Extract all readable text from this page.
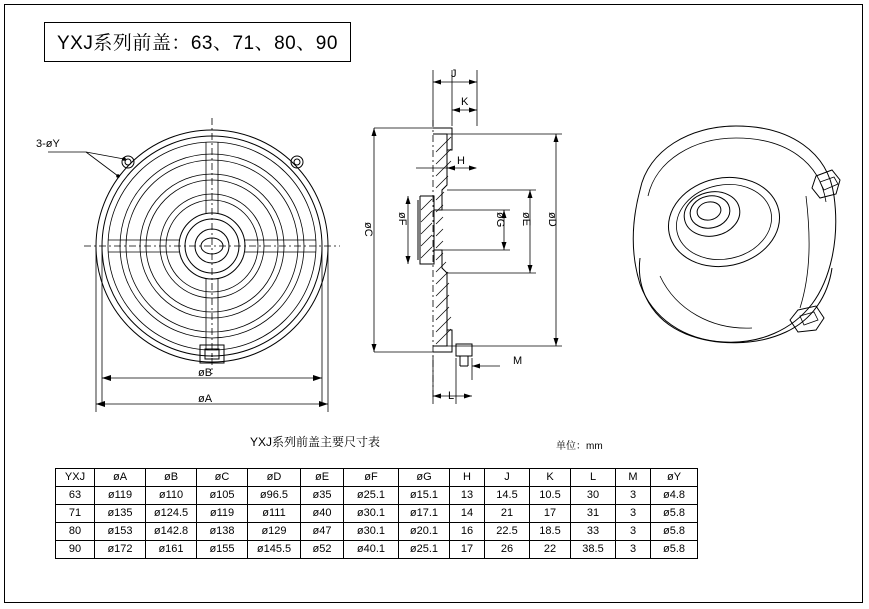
YXJ系列前盖：63、71、80、90
3-øY
øB
øA
J
K
H
M
L
øC
øF	øG øE øD
YXJ系列前盖主要尺寸表	单位：mm
YXJ	øA	øB	øC	øD	øE	øF	øG	H	J	K	L	M	øY
63	ø119	ø110	ø105	ø96.5	ø35	ø25.1	ø15.1	13	14.5	10.5	30	3	ø4.8
71	ø135	ø124.5	ø119	ø111	ø40	ø30.1	ø17.1	14	21	17	31	3	ø5.8
80	ø153	ø142.8	ø138	ø129	ø47	ø30.1	ø20.1	16	22.5	18.5	33	3	ø5.8
90	ø172	ø161	ø155	ø145.5	ø52	ø40.1	ø25.1	17	26	22	38.5	3	ø5.8
